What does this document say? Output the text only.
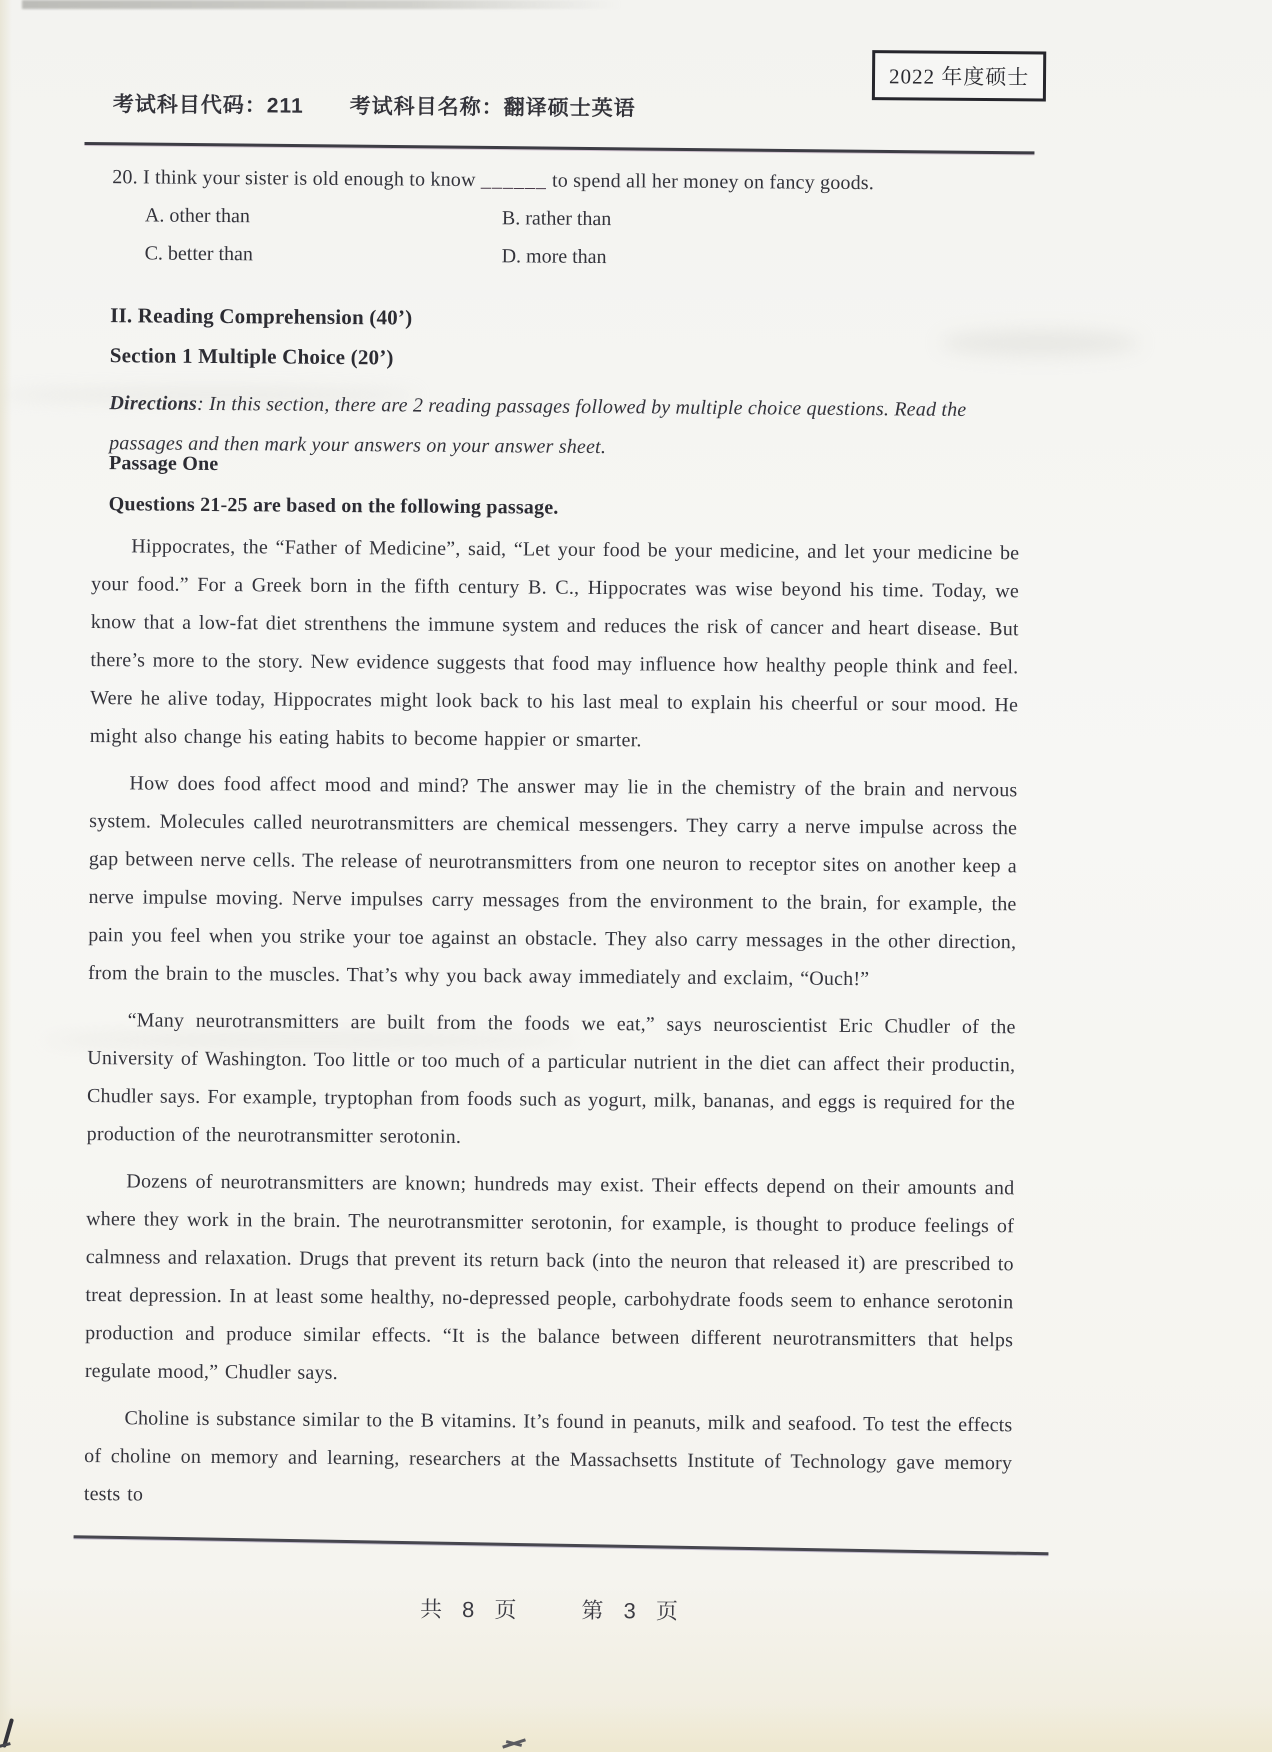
2022 年度硕士
考试科目代码：211 考试科目名称：翻译硕士英语
20. I think your sister is old enough to know ______ to spend all her money on fancy goods.
A. other than	B. rather than
C. better than	D. more than
II. Reading Comprehension (40’)
Section 1 Multiple Choice (20’)
Directions: In this section, there are 2 reading passages followed by multiple choice questions. Read the passages and then mark your answers on your answer sheet.
Passage One
Questions 21-25 are based on the following passage.

Hippocrates, the “Father of Medicine”, said, “Let your food be your medicine, and let your medicine be your food.” For a Greek born in the fifth century B. C., Hippocrates was wise beyond his time. Today, we know that a low-fat diet strenthens the immune system and reduces the risk of cancer and heart disease. But there’s more to the story. New evidence suggests that food may influence how healthy people think and feel. Were he alive today, Hippocrates might look back to his last meal to explain his cheerful or sour mood. He might also change his eating habits to become happier or smarter.

How does food affect mood and mind? The answer may lie in the chemistry of the brain and nervous system. Molecules called neurotransmitters are chemical messengers. They carry a nerve impulse across the gap between nerve cells. The release of neurotransmitters from one neuron to receptor sites on another keep a nerve impulse moving. Nerve impulses carry messages from the environment to the brain, for example, the pain you feel when you strike your toe against an obstacle. They also carry messages in the other direction, from the brain to the muscles. That’s why you back away immediately and exclaim, “Ouch!”

“Many neurotransmitters are built from the foods we eat,” says neuroscientist Eric Chudler of the University of Washington. Too little or too much of a particular nutrient in the diet can affect their productin, Chudler says. For example, tryptophan from foods such as yogurt, milk, bananas, and eggs is required for the production of the neurotransmitter serotonin.

Dozens of neurotransmitters are known; hundreds may exist. Their effects depend on their amounts and where they work in the brain. The neurotransmitter serotonin, for example, is thought to produce feelings of calmness and relaxation. Drugs that prevent its return back (into the neuron that released it) are prescribed to treat depression. In at least some healthy, no-depressed people, carbohydrate foods seem to enhance serotonin production and produce similar effects. “It is the balance between different neurotransmitters that helps regulate mood,” Chudler says.

Choline is substance similar to the B vitamins. It’s found in peanuts, milk and seafood. To test the effects of choline on memory and learning, researchers at the Massachsetts Institute of Technology gave memory tests to

共 8 页	第 3 页
